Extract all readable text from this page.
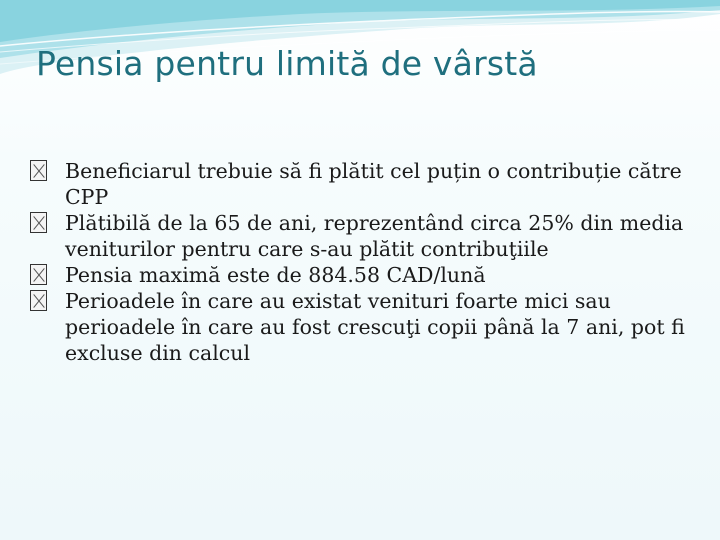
Pensia pentru limită de vârstă
Beneficiarul trebuie să fi plătit cel puțin o contribuție către CPP
Plătibilă de la 65 de ani, reprezentând circa 25% din media veniturilor pentru care s-au plătit contribuţiile
Pensia maximă este de 884.58 CAD/lună
Perioadele în care au existat venituri foarte mici sau perioadele în care au fost crescuţi copii până la 7 ani, pot fi excluse din calcul
